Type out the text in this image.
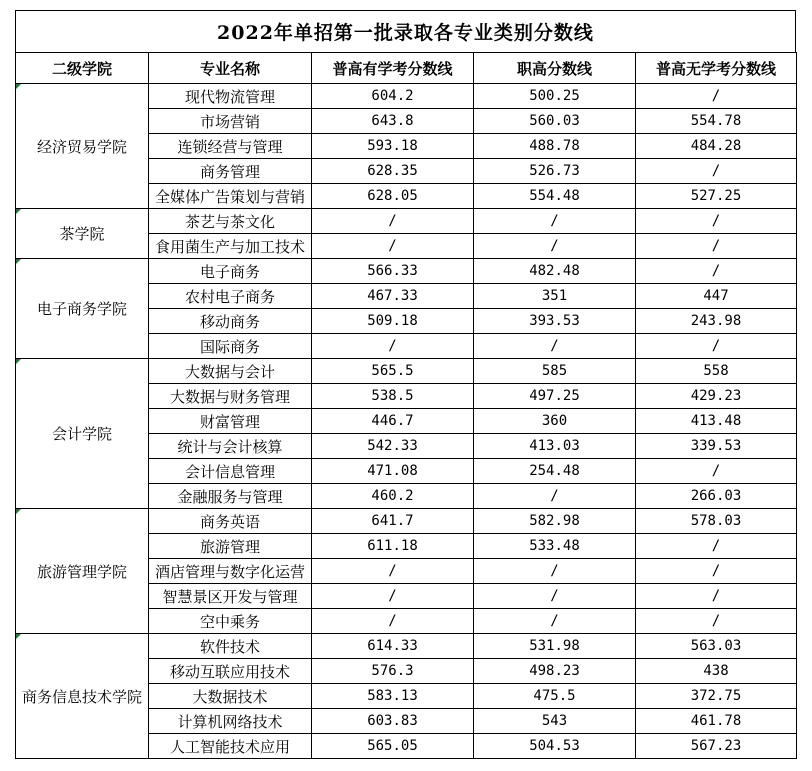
2022年单招第一批录取各专业类别分数线
二级学院	专业名称	普高有学考分数线	职高分数线	普高无学考分数线
经济贸易学院	现代物流管理	604.2	500.25	/
	市场营销	643.8	560.03	554.78
	连锁经营与管理	593.18	488.78	484.28
	商务管理	628.35	526.73	/
	全媒体广告策划与营销	628.05	554.48	527.25
茶学院	茶艺与茶文化	/	/	/
	食用菌生产与加工技术	/	/	/
电子商务学院	电子商务	566.33	482.48	/
	农村电子商务	467.33	351	447
	移动商务	509.18	393.53	243.98
	国际商务	/	/	/
会计学院	大数据与会计	565.5	585	558
	大数据与财务管理	538.5	497.25	429.23
	财富管理	446.7	360	413.48
	统计与会计核算	542.33	413.03	339.53
	会计信息管理	471.08	254.48	/
	金融服务与管理	460.2	/	266.03
旅游管理学院	商务英语	641.7	582.98	578.03
	旅游管理	611.18	533.48	/
	酒店管理与数字化运营	/	/	/
	智慧景区开发与管理	/	/	/
	空中乘务	/	/	/
商务信息技术学院	软件技术	614.33	531.98	563.03
	移动互联应用技术	576.3	498.23	438
	大数据技术	583.13	475.5	372.75
	计算机网络技术	603.83	543	461.78
	人工智能技术应用	565.05	504.53	567.23
